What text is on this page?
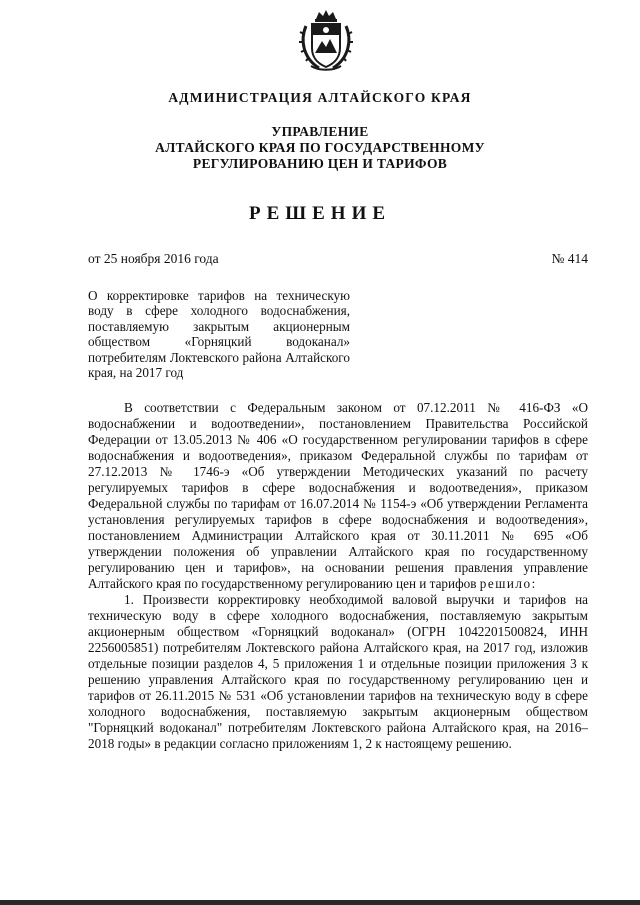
АДМИНИСТРАЦИЯ АЛТАЙСКОГО КРАЯ
УПРАВЛЕНИЕ
АЛТАЙСКОГО КРАЯ ПО ГОСУДАРСТВЕННОМУ
РЕГУЛИРОВАНИЮ ЦЕН И ТАРИФОВ
РЕШЕНИЕ
от 25 ноября 2016 года	№ 414
О корректировке тарифов на техническую воду в сфере холодного водоснабжения, поставляемую закрытым акционерным обществом «Горняцкий водоканал» потребителям Локтевского района Алтайского края, на 2017 год

В соответствии с Федеральным законом от 07.12.2011 № 416-ФЗ «О водоснабжении и водоотведении», постановлением Правительства Российской Федерации от 13.05.2013 № 406 «О государственном регулировании тарифов в сфере водоснабжения и водоотведения», приказом Федеральной службы по тарифам от 27.12.2013 № 1746-э «Об утверждении Методических указаний по расчету регулируемых тарифов в сфере водоснабжения и водоотведения», приказом Федеральной службы по тарифам от 16.07.2014 № 1154-э «Об утверждении Регламента установления регулируемых тарифов в сфере водоснабжения и водоотведения», постановлением Администрации Алтайского края от 30.11.2011 № 695 «Об утверждении положения об управлении Алтайского края по государственному регулированию цен и тарифов», на основании решения правления управление Алтайского края по государственному регулированию цен и тарифов решило:

1. Произвести корректировку необходимой валовой выручки и тарифов на техническую воду в сфере холодного водоснабжения, поставляемую закрытым акционерным обществом «Горняцкий водоканал» (ОГРН 1042201500824, ИНН 2256005851) потребителям Локтевского района Алтайского края, на 2017 год, изложив отдельные позиции разделов 4, 5 приложения 1 и отдельные позиции приложения 3 к решению управления Алтайского края по государственному регулированию цен и тарифов от 26.11.2015 № 531 «Об установлении тарифов на техническую воду в сфере холодного водоснабжения, поставляемую закрытым акционерным обществом "Горняцкий водоканал" потребителям Локтевского района Алтайского края, на 2016–2018 годы» в редакции согласно приложениям 1, 2 к настоящему решению.
